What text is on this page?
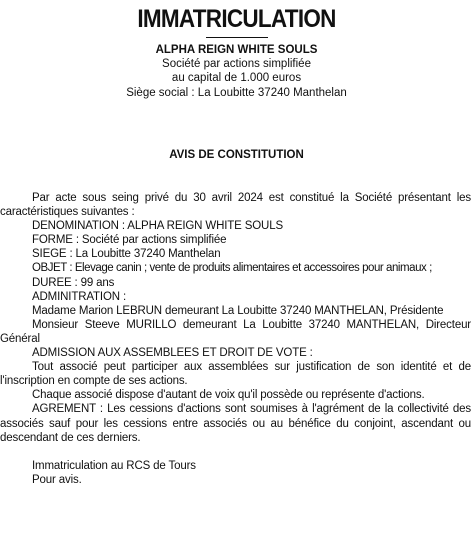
IMMATRICULATION
ALPHA REIGN WHITE SOULS
Société par actions simplifiée
au capital de 1.000 euros
Siège social : La Loubitte 37240 Manthelan
AVIS DE CONSTITUTION

Par acte sous seing privé du 30 avril 2024 est constitué la Société présentant les caractéristiques suivantes :

DENOMINATION : ALPHA REIGN WHITE SOULS

FORME : Société par actions simplifiée

SIEGE : La Loubitte 37240 Manthelan

OBJET : Elevage canin ; vente de produits alimentaires et accessoires pour animaux ;

DUREE : 99 ans

ADMINITRATION :

Madame Marion LEBRUN demeurant La Loubitte 37240 MANTHELAN, Présidente

Monsieur Steeve MURILLO demeurant La Loubitte 37240 MANTHELAN, Directeur Général

ADMISSION AUX ASSEMBLEES ET DROIT DE VOTE :

Tout associé peut participer aux assemblées sur justification de son identité et de l'inscription en compte de ses actions.

Chaque associé dispose d'autant de voix qu'il possède ou représente d'actions.

AGREMENT : Les cessions d'actions sont soumises à l'agrément de la collectivité des associés sauf pour les cessions entre associés ou au bénéfice du conjoint, ascendant ou descendant de ces derniers.

Immatriculation au RCS de Tours

Pour avis.
